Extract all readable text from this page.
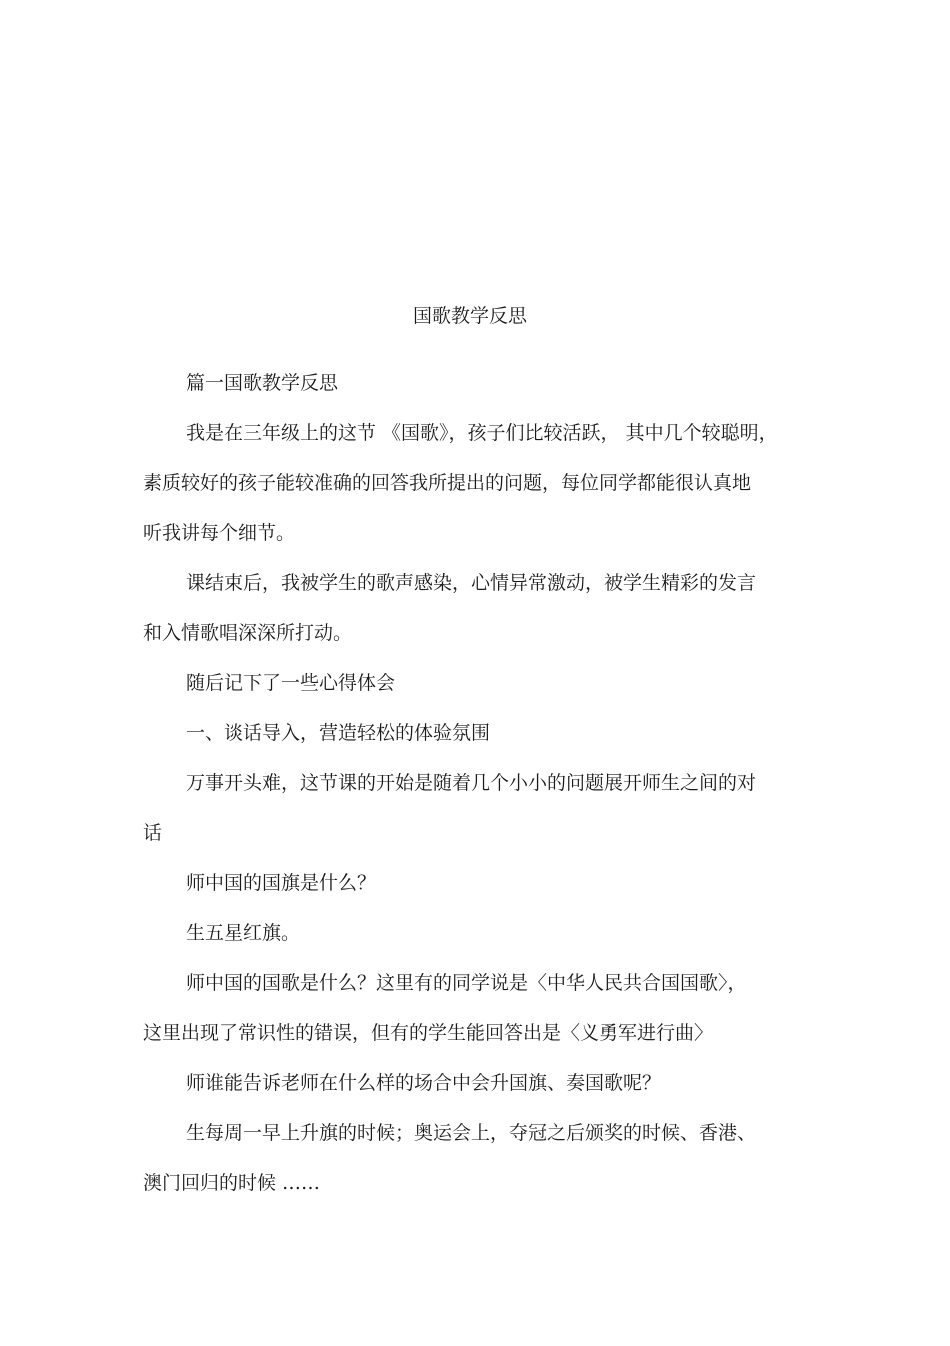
国歌教学反思
篇一国歌教学反思
我是在三年级上的这节 《国歌》，孩子们比较活跃， 其中几个较聪明，
素质较好的孩子能较准确的回答我所提出的问题，每位同学都能很认真地
听我讲每个细节。
课结束后，我被学生的歌声感染，心情异常激动，被学生精彩的发言
和入情歌唱深深所打动。
随后记下了一些心得体会
一、谈话导入，营造轻松的体验氛围
万事开头难，这节课的开始是随着几个小小的问题展开师生之间的对
话
师中国的国旗是什么？
生五星红旗。
师中国的国歌是什么？这里有的同学说是〈中华人民共合国国歌〉，
这里出现了常识性的错误，但有的学生能回答出是〈义勇军进行曲〉
师谁能告诉老师在什么样的场合中会升国旗、奏国歌呢？
生每周一早上升旗的时候；奥运会上，夺冠之后颁奖的时候、香港、
澳门回归的时候 ……
